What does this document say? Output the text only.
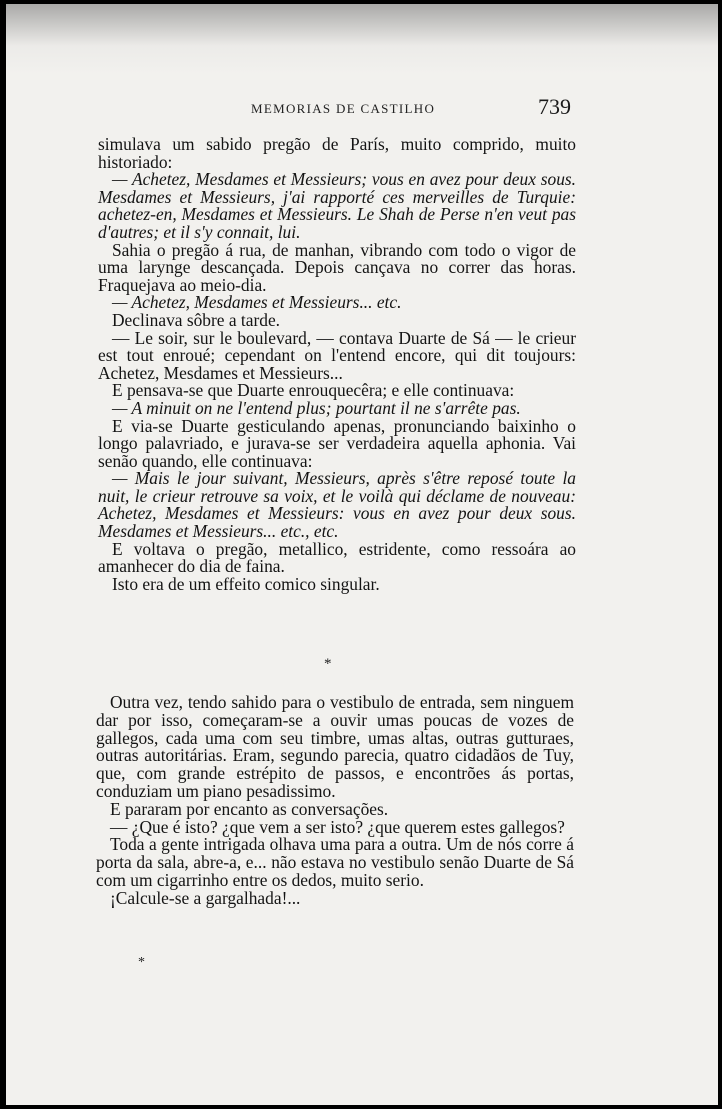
MEMORIAS DE CASTILHO	739

simulava um sabido pregão de París, muito comprido, muito historiado:

— Achetez, Mesdames et Messieurs; vous en avez pour deux sous. Mesdames et Messieurs, j'ai rapporté ces merveilles de Turquie: achetez-en, Mesdames et Messieurs. Le Shah de Perse n'en veut pas d'autres; et il s'y connait, lui.

Sahia o pregão á rua, de manhan, vibrando com todo o vigor de uma larynge descançada. Depois cançava no correr das horas. Fraquejava ao meio-dia.

— Achetez, Mesdames et Messieurs... etc.

Declinava sôbre a tarde.

— Le soir, sur le boulevard, — contava Duarte de Sá — le crieur est tout enroué; cependant on l'entend encore, qui dit toujours: Achetez, Mesdames et Messieurs...

E pensava-se que Duarte enrouquecêra; e elle continuava:

— A minuit on ne l'entend plus; pourtant il ne s'arrête pas.

E via-se Duarte gesticulando apenas, pronunciando baixinho o longo palavriado, e jurava-se ser verdadeira aquella aphonia. Vai senão quando, elle continuava:

— Mais le jour suivant, Messieurs, après s'être reposé toute la nuit, le crieur retrouve sa voix, et le voilà qui déclame de nouveau: Achetez, Mesdames et Messieurs: vous en avez pour deux sous. Mesdames et Messieurs... etc., etc.

E voltava o pregão, metallico, estridente, como ressoára ao amanhecer do dia de faina.

Isto era de um effeito comico singular.

*

Outra vez, tendo sahido para o vestibulo de entrada, sem ninguem dar por isso, começaram-se a ouvir umas poucas de vozes de gallegos, cada uma com seu timbre, umas altas, outras gutturaes, outras autoritárias. Eram, segundo parecia, quatro cidadãos de Tuy, que, com grande estrépito de passos, e encontrões ás portas, conduziam um piano pesadissimo.

E pararam por encanto as conversações.

— ¿Que é isto? ¿que vem a ser isto? ¿que querem estes gallegos?

Toda a gente intrigada olhava uma para a outra. Um de nós corre á porta da sala, abre-a, e... não estava no vestibulo senão Duarte de Sá com um cigarrinho entre os dedos, muito serio.

¡Calcule-se a gargalhada!...

*
